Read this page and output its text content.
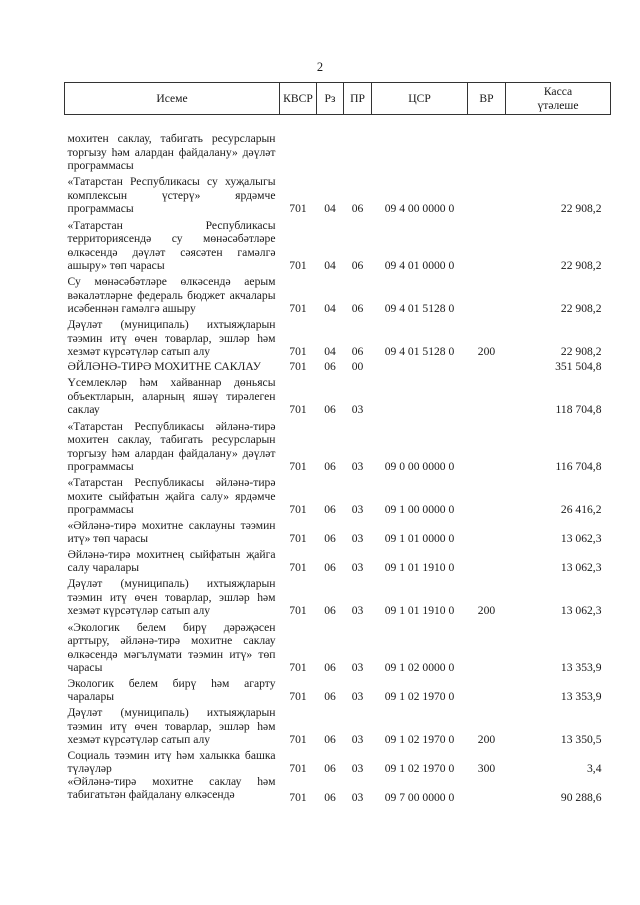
2
Исеме	КВСР	Рз	ПР	ЦСР	ВР	Касса
үтәлеше
мохитен саклау, табигать ресурсларын торгызу һәм алардан файдалану» дәүләт программасы						
«Татарстан Республикасы су хуҗалыгы комплексын үстерү» ярдәмче программасы	701	04	06	09 4 00 0000 0		22 908,2
«Татарстан Республикасы территориясендә су мөнәсәбәтләре өлкәсендә дәүләт сәясәтен гамәлгә ашыру» төп чарасы	701	04	06	09 4 01 0000 0		22 908,2
Су мөнәсәбәтләре өлкәсендә аерым вәкаләтләрне федераль бюджет акчалары исәбеннән гамәлгә ашыру	701	04	06	09 4 01 5128 0		22 908,2
Дәүләт (муниципаль) ихтыяҗларын тәэмин итү өчен товарлар, эшләр һәм хезмәт күрсәтүләр сатып алу	701	04	06	09 4 01 5128 0	200	22 908,2
ӘЙЛӘНӘ-ТИРӘ МОХИТНЕ САКЛАУ	701	06	00			351 504,8
Үсемлекләр һәм хайваннар дөньясы объектларын, аларның яшәү тирәлеген саклау	701	06	03			118 704,8
«Татарстан Республикасы әйләнә-тирә мохитен саклау, табигать ресурсларын торгызу һәм алардан файдалану» дәүләт программасы	701	06	03	09 0 00 0000 0		116 704,8
«Татарстан Республикасы әйләнә-тирә мохите сыйфатын җайга салу» ярдәмче программасы	701	06	03	09 1 00 0000 0		26 416,2
«Әйләнә-тирә мохитне саклауны тәэмин итү» төп чарасы	701	06	03	09 1 01 0000 0		13 062,3
Әйләнә-тирә мохитнең сыйфатын җайга салу чаралары	701	06	03	09 1 01 1910 0		13 062,3
Дәүләт (муниципаль) ихтыяҗларын тәэмин итү өчен товарлар, эшләр һәм хезмәт күрсәтүләр сатып алу	701	06	03	09 1 01 1910 0	200	13 062,3
«Экологик белем бирү дәрәҗәсен арттыру, әйләнә-тирә мохитне саклау өлкәсендә мәгълүмати тәэмин итү» төп чарасы	701	06	03	09 1 02 0000 0		13 353,9
Экологик белем бирү һәм агарту чаралары	701	06	03	09 1 02 1970 0		13 353,9
Дәүләт (муниципаль) ихтыяҗларын тәэмин итү өчен товарлар, эшләр һәм хезмәт күрсәтүләр сатып алу	701	06	03	09 1 02 1970 0	200	13 350,5
Социаль тәэмин итү һәм халыкка башка түләүләр	701	06	03	09 1 02 1970 0	300	3,4
«Әйләнә-тирә мохитне саклау һәм табигатьтән файдалану өлкәсендә	701	06	03	09 7 00 0000 0		90 288,6
